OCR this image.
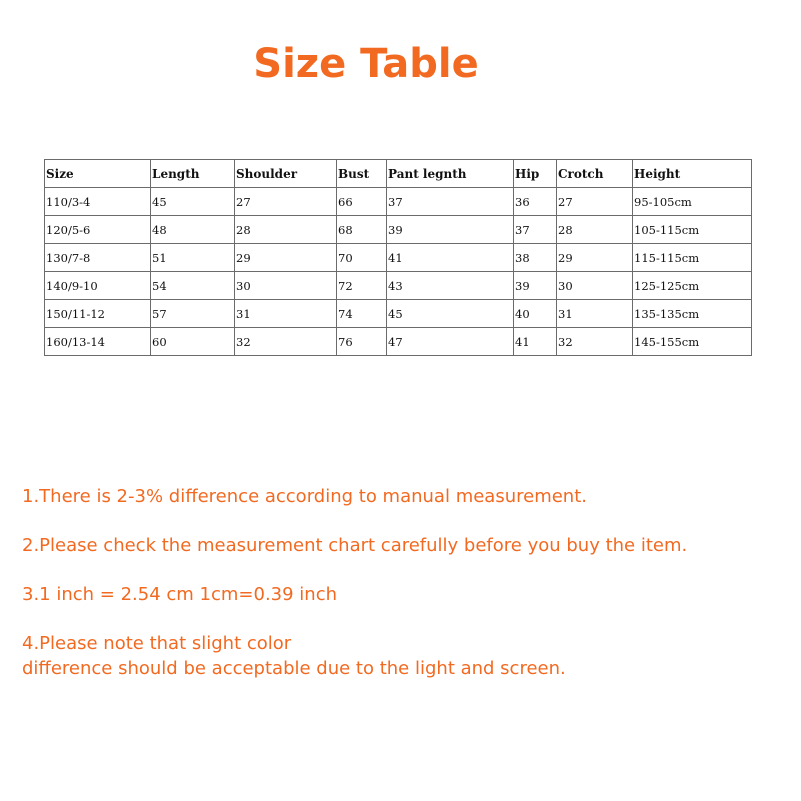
Size Table
Size	Length	Shoulder	Bust	Pant legnth	Hip	Crotch	Height
110/3-4	45	27	66	37	36	27	95-105cm
120/5-6	48	28	68	39	37	28	105-115cm
130/7-8	51	29	70	41	38	29	115-115cm
140/9-10	54	30	72	43	39	30	125-125cm
150/11-12	57	31	74	45	40	31	135-135cm
160/13-14	60	32	76	47	41	32	145-155cm

1.There is 2-3% difference according to manual measurement.

2.Please check the measurement chart carefully before you buy the item.

3.1 inch = 2.54 cm 1cm=0.39 inch

4.Please note that slight color
difference should be acceptable due to the light and screen.
